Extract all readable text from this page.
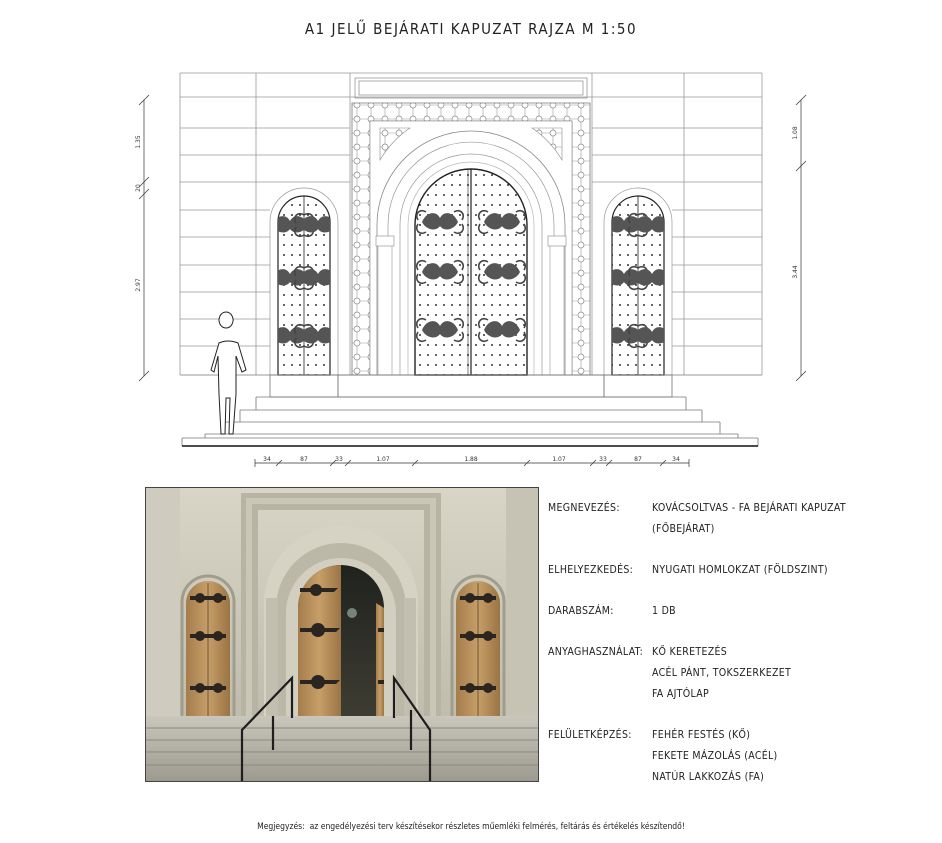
A1 JELŰ BEJÁRATI KAPUZAT RAJZA M 1:50
1.35
20
2.97
1.08
3.44
34	87	33	1.07	1.88	1.07	33	87	34
MEGNEVEZÉS:	KOVÁCSOLTVAS - FA BEJÁRATI KAPUZAT
(FŐBEJÁRAT)
ELHELYEZKEDÉS:	NYUGATI HOMLOKZAT (FÖLDSZINT)
DARABSZÁM:	1 DB
ANYAGHASZNÁLAT: KŐ KERETEZÉS
ACÉL PÁNT, TOKSZERKEZET
FA AJTÓLAP
FELÜLETKÉPZÉS:	FEHÉR FESTÉS (KŐ)
FEKETE MÁZOLÁS (ACÉL)
NATÚR LAKKOZÁS (FA)
Megjegyzés: az engedélyezési terv készítésekor részletes műemléki felmérés, feltárás és értékelés készítendő!
